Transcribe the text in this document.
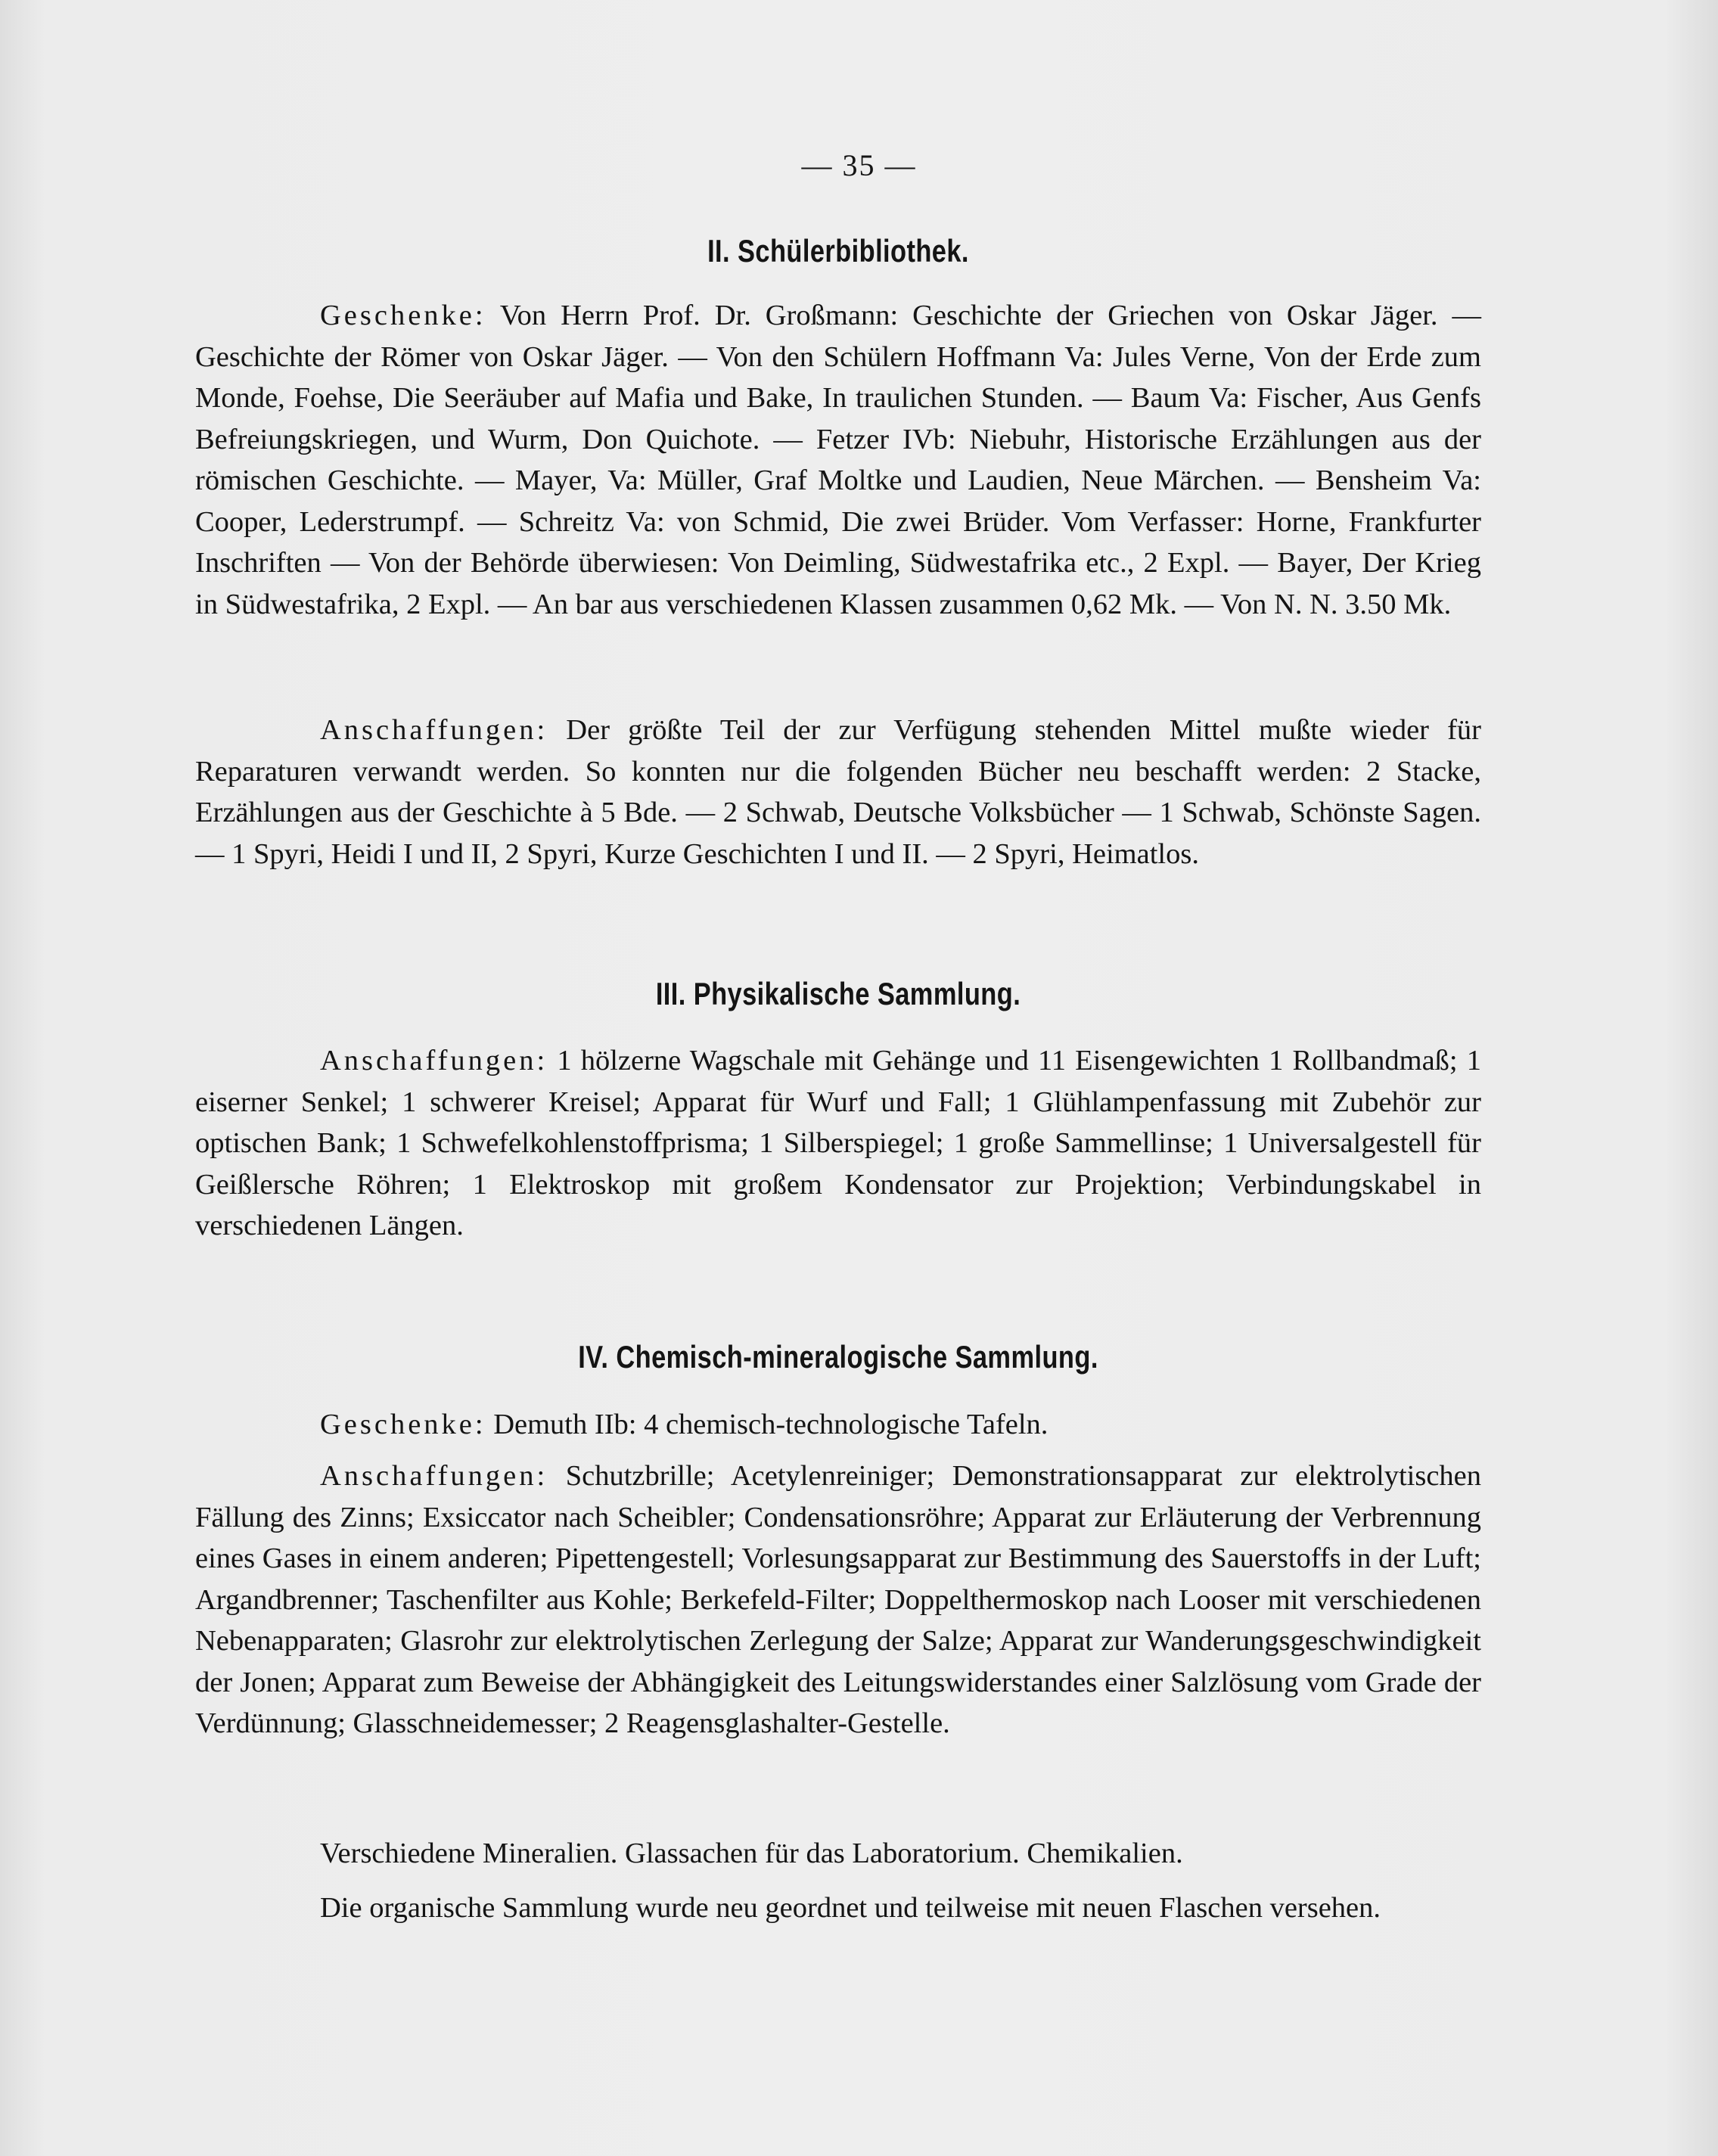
— 35 —
II. Schülerbibliothek.

Geschenke: Von Herrn Prof. Dr. Großmann: Geschichte der Griechen von Oskar Jäger. — Geschichte der Römer von Oskar Jäger. — Von den Schülern Hoffmann Va: Jules Verne, Von der Erde zum Monde, Foehse, Die Seeräuber auf Mafia und Bake, In traulichen Stunden. — Baum Va: Fischer, Aus Genfs Befreiungskriegen, und Wurm, Don Quichote. — Fetzer IVb: Niebuhr, Historische Erzählungen aus der römischen Geschichte. — Mayer, Va: Müller, Graf Moltke und Laudien, Neue Märchen. — Bensheim Va: Cooper, Lederstrumpf. — Schreitz Va: von Schmid, Die zwei Brüder. Vom Verfasser: Horne, Frankfurter Inschriften — Von der Behörde überwiesen: Von Deimling, Südwestafrika etc., 2 Expl. — Bayer, Der Krieg in Südwestafrika, 2 Expl. — An bar aus verschiedenen Klassen zusammen 0,62 Mk. — Von N. N. 3.50 Mk.

Anschaffungen: Der größte Teil der zur Verfügung stehenden Mittel mußte wieder für Reparaturen verwandt werden. So konnten nur die folgenden Bücher neu beschafft werden: 2 Stacke, Erzählungen aus der Geschichte à 5 Bde. — 2 Schwab, Deutsche Volksbücher — 1 Schwab, Schönste Sagen. — 1 Spyri, Heidi I und II, 2 Spyri, Kurze Geschichten I und II. — 2 Spyri, Heimatlos.

III. Physikalische Sammlung.

Anschaffungen: 1 hölzerne Wagschale mit Gehänge und 11 Eisengewichten 1 Rollbandmaß; 1 eiserner Senkel; 1 schwerer Kreisel; Apparat für Wurf und Fall; 1 Glühlampenfassung mit Zubehör zur optischen Bank; 1 Schwefelkohlenstoffprisma; 1 Silberspiegel; 1 große Sammellinse; 1 Universalgestell für Geißlersche Röhren; 1 Elektroskop mit großem Kondensator zur Projektion; Verbindungskabel in verschiedenen Längen.

IV. Chemisch-mineralogische Sammlung.

Geschenke: Demuth IIb: 4 chemisch-technologische Tafeln.

Anschaffungen: Schutzbrille; Acetylenreiniger; Demonstrationsapparat zur elektrolytischen Fällung des Zinns; Exsiccator nach Scheibler; Condensationsröhre; Apparat zur Erläuterung der Verbrennung eines Gases in einem anderen; Pipettengestell; Vorlesungsapparat zur Bestimmung des Sauerstoffs in der Luft; Argandbrenner; Taschenfilter aus Kohle; Berkefeld-Filter; Doppelthermoskop nach Looser mit verschiedenen Nebenapparaten; Glasrohr zur elektrolytischen Zerlegung der Salze; Apparat zur Wanderungsgeschwindigkeit der Jonen; Apparat zum Beweise der Abhängigkeit des Leitungswiderstandes einer Salzlösung vom Grade der Verdünnung; Glasschneidemesser; 2 Reagensglashalter-Gestelle.

Verschiedene Mineralien. Glassachen für das Laboratorium. Chemikalien.

Die organische Sammlung wurde neu geordnet und teilweise mit neuen Flaschen versehen.
